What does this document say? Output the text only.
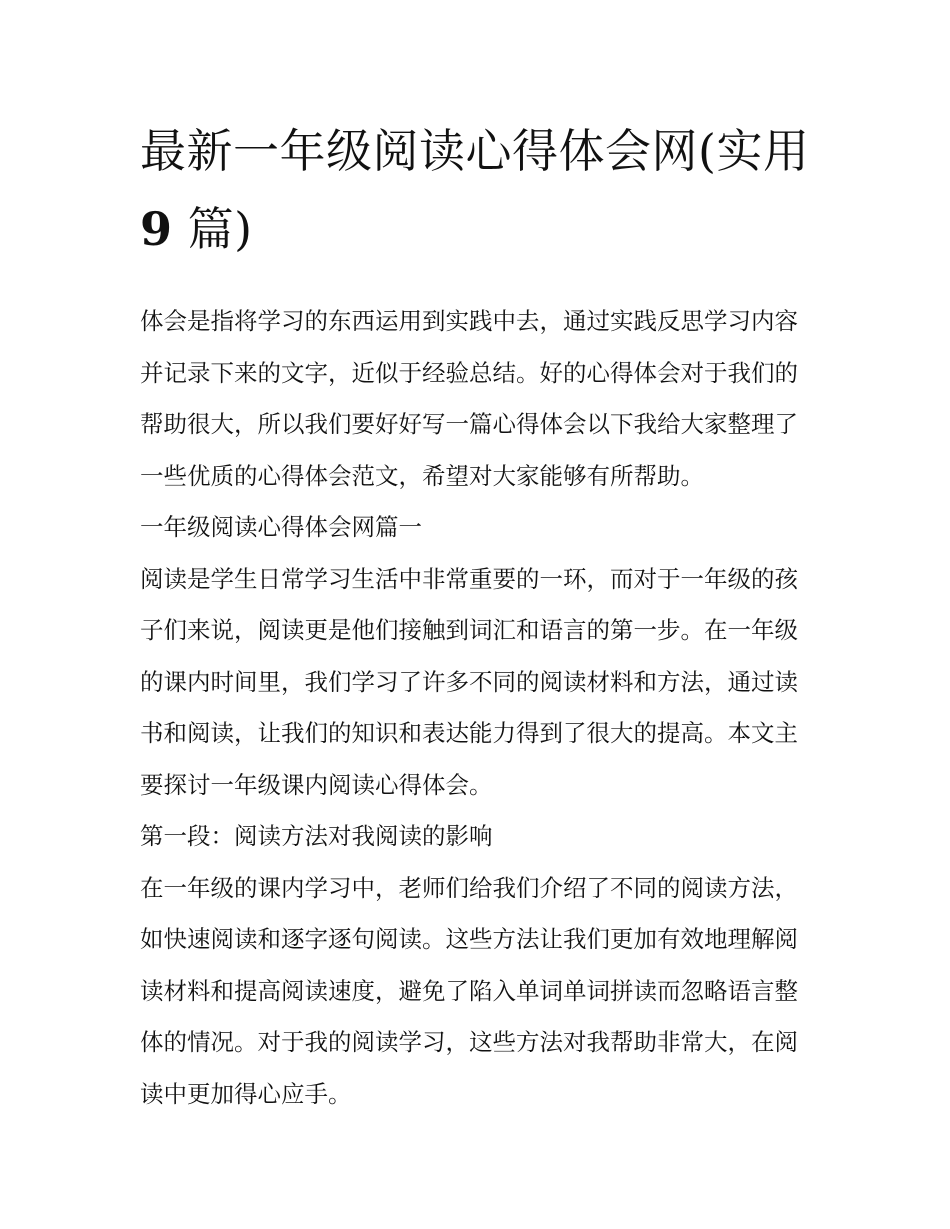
最新一年级阅读心得体会网(实用
9 篇)

体会是指将学习的东西运用到实践中去，通过实践反思学习内容并记录下来的文字，近似于经验总结。好的心得体会对于我们的帮助很大，所以我们要好好写一篇心得体会以下我给大家整理了一些优质的心得体会范文，希望对大家能够有所帮助。

一年级阅读心得体会网篇一

阅读是学生日常学习生活中非常重要的一环，而对于一年级的孩子们来说，阅读更是他们接触到词汇和语言的第一步。在一年级的课内时间里，我们学习了许多不同的阅读材料和方法，通过读书和阅读，让我们的知识和表达能力得到了很大的提高。本文主要探讨一年级课内阅读心得体会。

第一段：阅读方法对我阅读的影响

在一年级的课内学习中，老师们给我们介绍了不同的阅读方法，如快速阅读和逐字逐句阅读。这些方法让我们更加有效地理解阅读材料和提高阅读速度，避免了陷入单词单词拼读而忽略语言整体的情况。对于我的阅读学习，这些方法对我帮助非常大，在阅读中更加得心应手。
